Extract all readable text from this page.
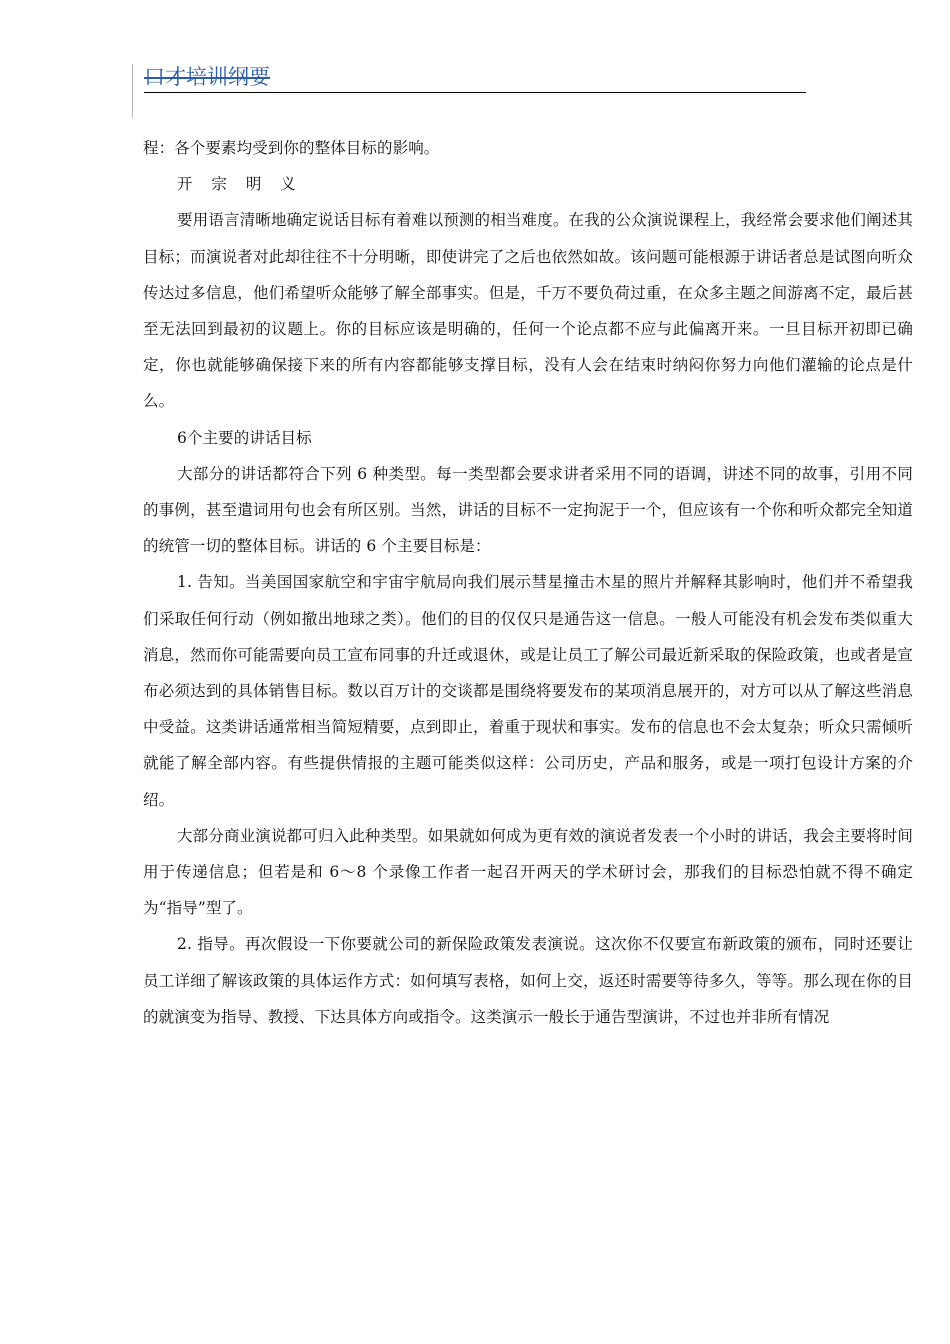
口才培训纲要

程：各个要素均受到你的整体目标的影响。

开 宗 明 义

要用语言清晰地确定说话目标有着难以预测的相当难度。在我的公众演说课程上，我经常会要求他们阐述其目标；而演说者对此却往往不十分明晰，即使讲完了之后也依然如故。该问题可能根源于讲话者总是试图向听众传达过多信息，他们希望听众能够了解全部事实。但是，千万不要负荷过重，在众多主题之间游离不定，最后甚至无法回到最初的议题上。你的目标应该是明确的，任何一个论点都不应与此偏离开来。一旦目标开初即已确定，你也就能够确保接下来的所有内容都能够支撑目标，没有人会在结束时纳闷你努力向他们灌输的论点是什么。

6个主要的讲话目标

大部分的讲话都符合下列 6 种类型。每一类型都会要求讲者采用不同的语调，讲述不同的故事，引用不同的事例，甚至遣词用句也会有所区别。当然，讲话的目标不一定拘泥于一个，但应该有一个你和听众都完全知道的统管一切的整体目标。讲话的 6 个主要目标是：

1. 告知。当美国国家航空和宇宙宇航局向我们展示彗星撞击木星的照片并解释其影响时，他们并不希望我们采取任何行动（例如撤出地球之类）。他们的目的仅仅只是通告这一信息。一般人可能没有机会发布类似重大消息，然而你可能需要向员工宣布同事的升迁或退休，或是让员工了解公司最近新采取的保险政策，也或者是宣布必须达到的具体销售目标。数以百万计的交谈都是围绕将要发布的某项消息展开的，对方可以从了解这些消息中受益。这类讲话通常相当简短精要，点到即止，着重于现状和事实。发布的信息也不会太复杂；听众只需倾听就能了解全部内容。有些提供情报的主题可能类似这样：公司历史，产品和服务，或是一项打包设计方案的介绍。

大部分商业演说都可归入此种类型。如果就如何成为更有效的演说者发表一个小时的讲话，我会主要将时间用于传递信息；但若是和 6～8 个录像工作者一起召开两天的学术研讨会，那我们的目标恐怕就不得不确定为“指导”型了。

2. 指导。再次假设一下你要就公司的新保险政策发表演说。这次你不仅要宣布新政策的颁布，同时还要让员工详细了解该政策的具体运作方式：如何填写表格，如何上交，返还时需要等待多久，等等。那么现在你的目的就演变为指导、教授、下达具体方向或指令。这类演示一般长于通告型演讲，不过也并非所有情况
